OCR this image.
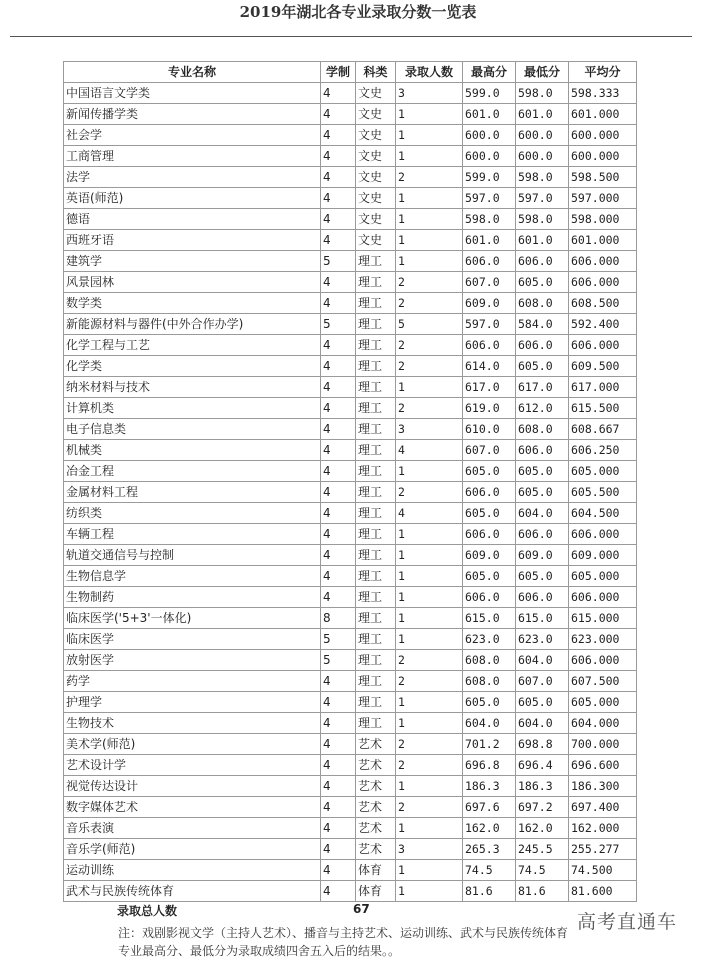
2019年湖北各专业录取分数一览表
专业名称	学制	科类	录取人数	最高分	最低分	平均分
中国语言文学类	4	文史	3	599.0	598.0	598.333
新闻传播学类	4	文史	1	601.0	601.0	601.000
社会学	4	文史	1	600.0	600.0	600.000
工商管理	4	文史	1	600.0	600.0	600.000
法学	4	文史	2	599.0	598.0	598.500
英语(师范)	4	文史	1	597.0	597.0	597.000
德语	4	文史	1	598.0	598.0	598.000
西班牙语	4	文史	1	601.0	601.0	601.000
建筑学	5	理工	1	606.0	606.0	606.000
风景园林	4	理工	2	607.0	605.0	606.000
数学类	4	理工	2	609.0	608.0	608.500
新能源材料与器件(中外合作办学)	5	理工	5	597.0	584.0	592.400
化学工程与工艺	4	理工	2	606.0	606.0	606.000
化学类	4	理工	2	614.0	605.0	609.500
纳米材料与技术	4	理工	1	617.0	617.0	617.000
计算机类	4	理工	2	619.0	612.0	615.500
电子信息类	4	理工	3	610.0	608.0	608.667
机械类	4	理工	4	607.0	606.0	606.250
冶金工程	4	理工	1	605.0	605.0	605.000
金属材料工程	4	理工	2	606.0	605.0	605.500
纺织类	4	理工	4	605.0	604.0	604.500
车辆工程	4	理工	1	606.0	606.0	606.000
轨道交通信号与控制	4	理工	1	609.0	609.0	609.000
生物信息学	4	理工	1	605.0	605.0	605.000
生物制药	4	理工	1	606.0	606.0	606.000
临床医学('5+3'一体化)	8	理工	1	615.0	615.0	615.000
临床医学	5	理工	1	623.0	623.0	623.000
放射医学	5	理工	2	608.0	604.0	606.000
药学	4	理工	2	608.0	607.0	607.500
护理学	4	理工	1	605.0	605.0	605.000
生物技术	4	理工	1	604.0	604.0	604.000
美术学(师范)	4	艺术	2	701.2	698.8	700.000
艺术设计学	4	艺术	2	696.8	696.4	696.600
视觉传达设计	4	艺术	1	186.3	186.3	186.300
数字媒体艺术	4	艺术	2	697.6	697.2	697.400
音乐表演	4	艺术	1	162.0	162.0	162.000
音乐学(师范)	4	艺术	3	265.3	245.5	255.277
运动训练	4	体育	1	74.5	74.5	74.500
武术与民族传统体育	4	体育	1	81.6	81.6	81.600
录取总人数	67
注：戏剧影视文学（主持人艺术）、播音与主持艺术、运动训练、武术与民族传统体育专业最高分、最低分为录取成绩四舍五入后的结果。。
高考直通车
